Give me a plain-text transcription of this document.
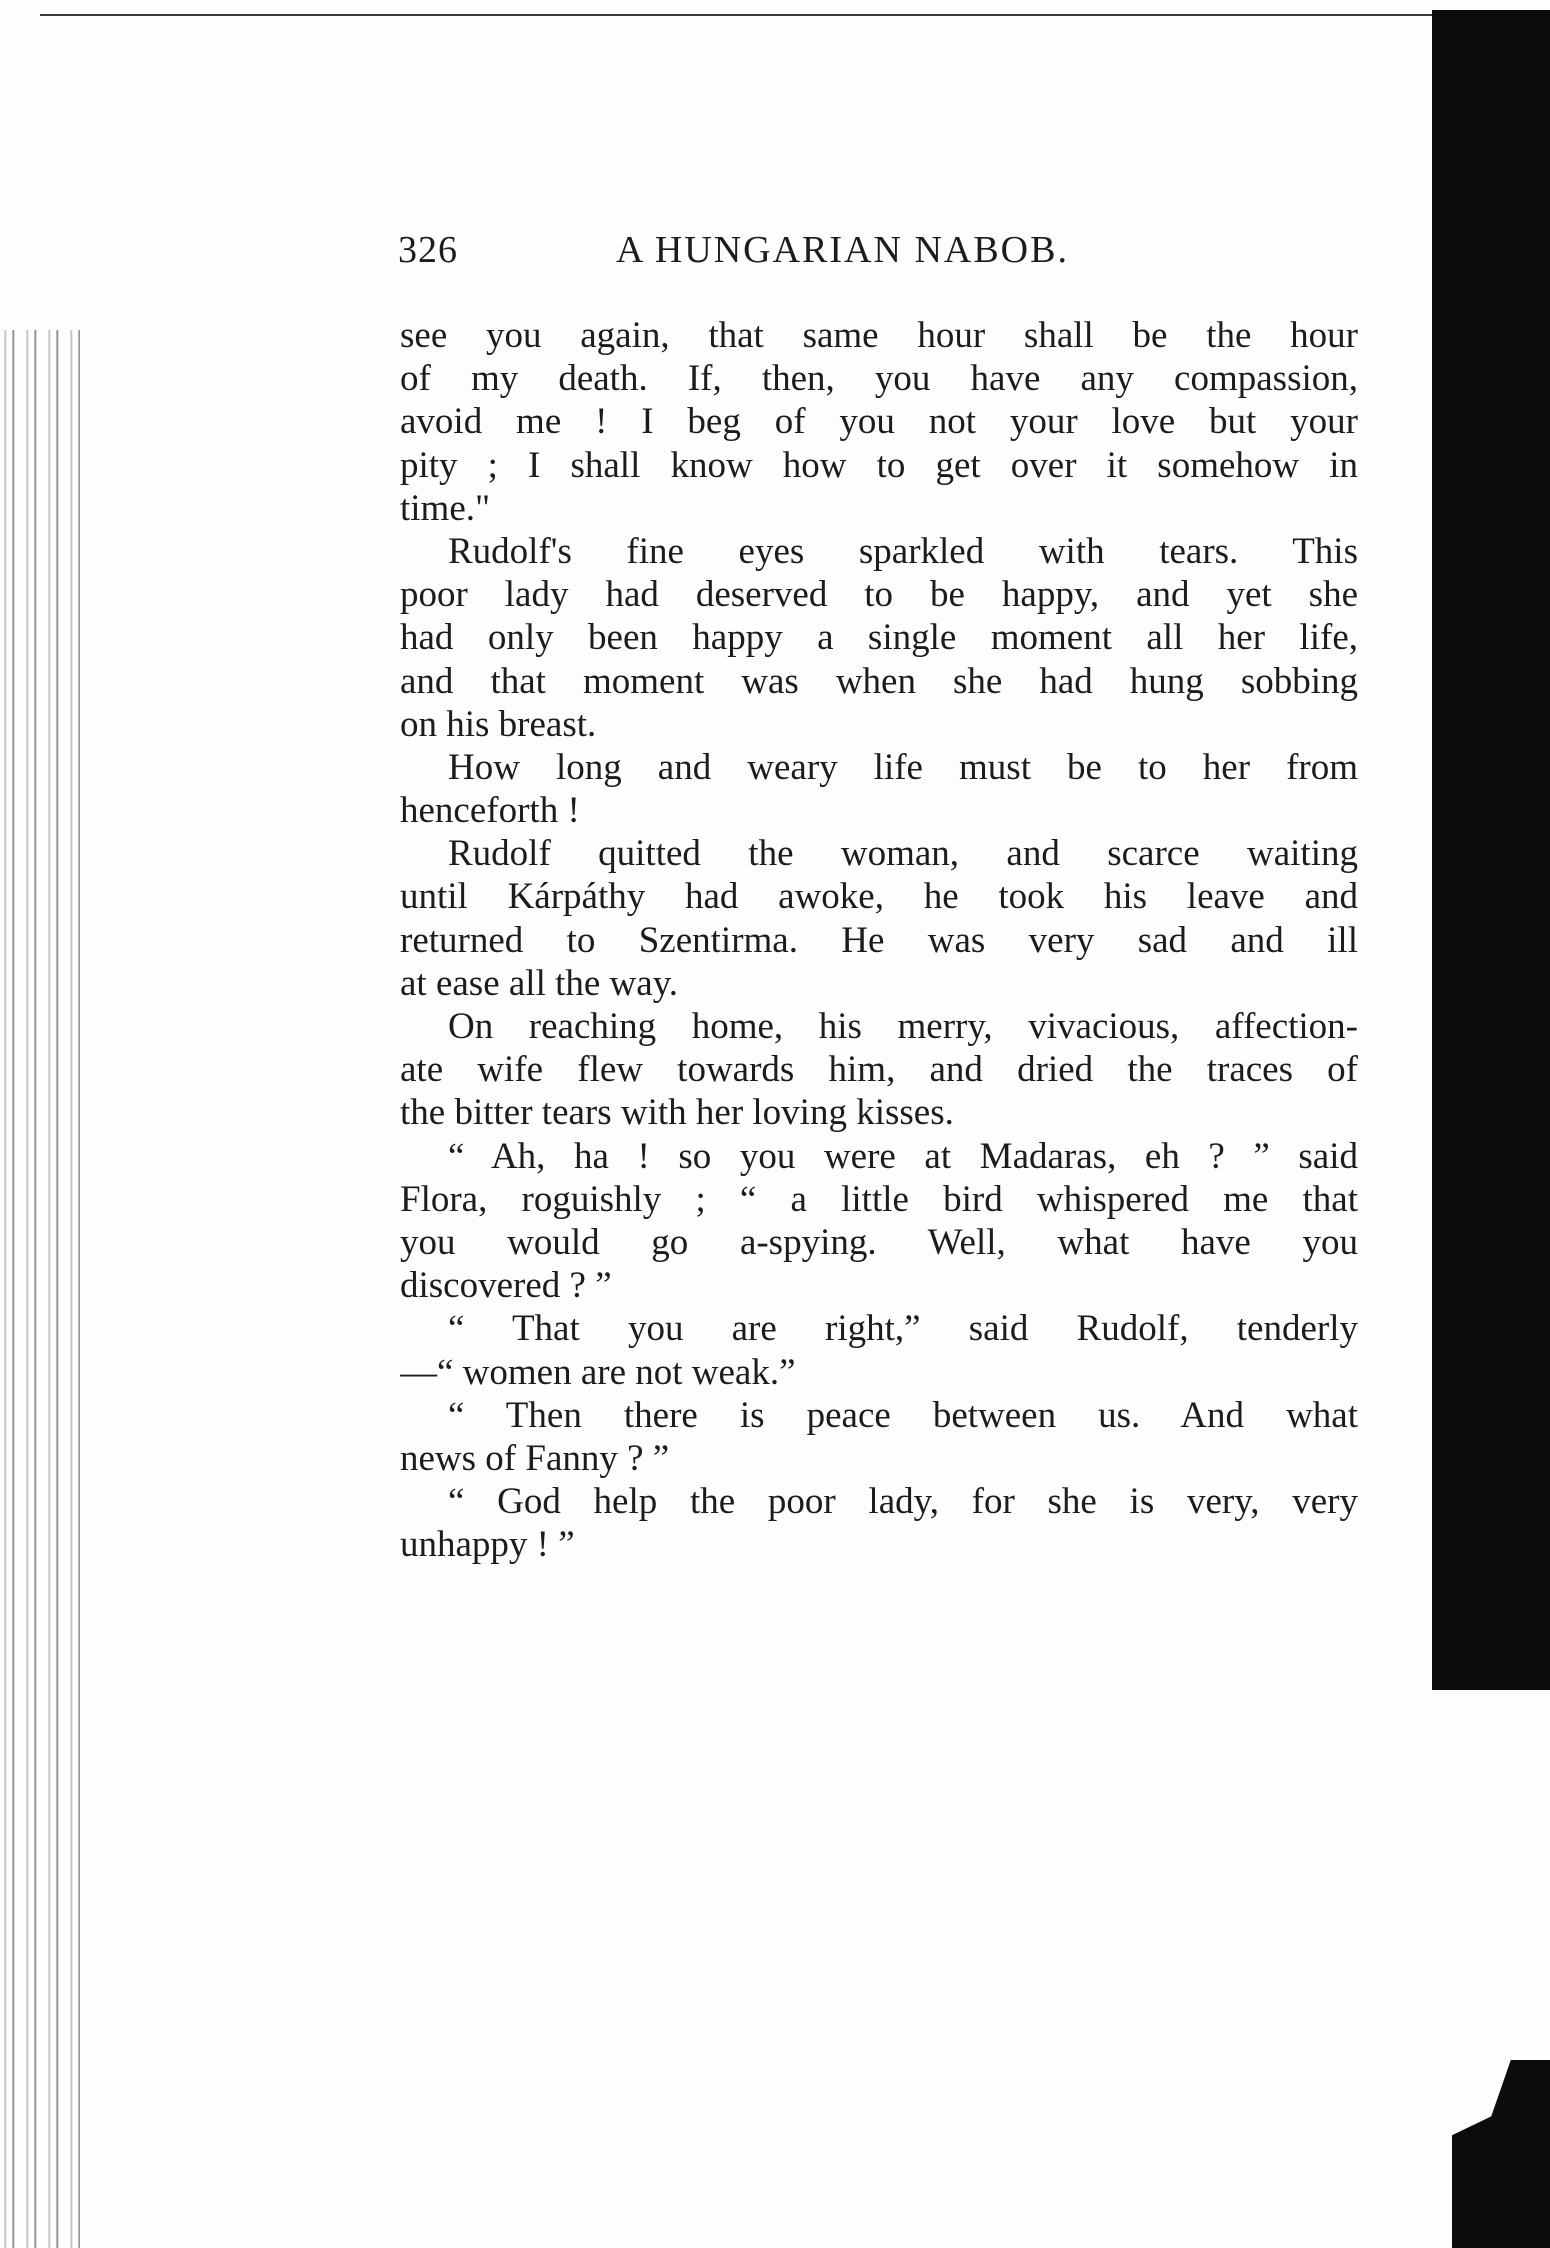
326	A HUNGARIAN NABOB.
see you again, that same hour shall be the hour
of my death. If, then, you have any compassion,
avoid me ! I beg of you not your love but your
pity ; I shall know how to get over it somehow in
time."
Rudolf's fine eyes sparkled with tears. This
poor lady had deserved to be happy, and yet she
had only been happy a single moment all her life,
and that moment was when she had hung sobbing
on his breast.
How long and weary life must be to her from
henceforth !
Rudolf quitted the woman, and scarce waiting
until Kárpáthy had awoke, he took his leave and
returned to Szentirma. He was very sad and ill
at ease all the way.
On reaching home, his merry, vivacious, affection-
ate wife flew towards him, and dried the traces of
the bitter tears with her loving kisses.
“ Ah, ha ! so you were at Madaras, eh ? ” said
Flora, roguishly ; “ a little bird whispered me that
you would go a-spying. Well, what have you
discovered ? ”
“ That you are right,” said Rudolf, tenderly
—“ women are not weak.”
“ Then there is peace between us. And what
news of Fanny ? ”
“ God help the poor lady, for she is very, very
unhappy ! ”
